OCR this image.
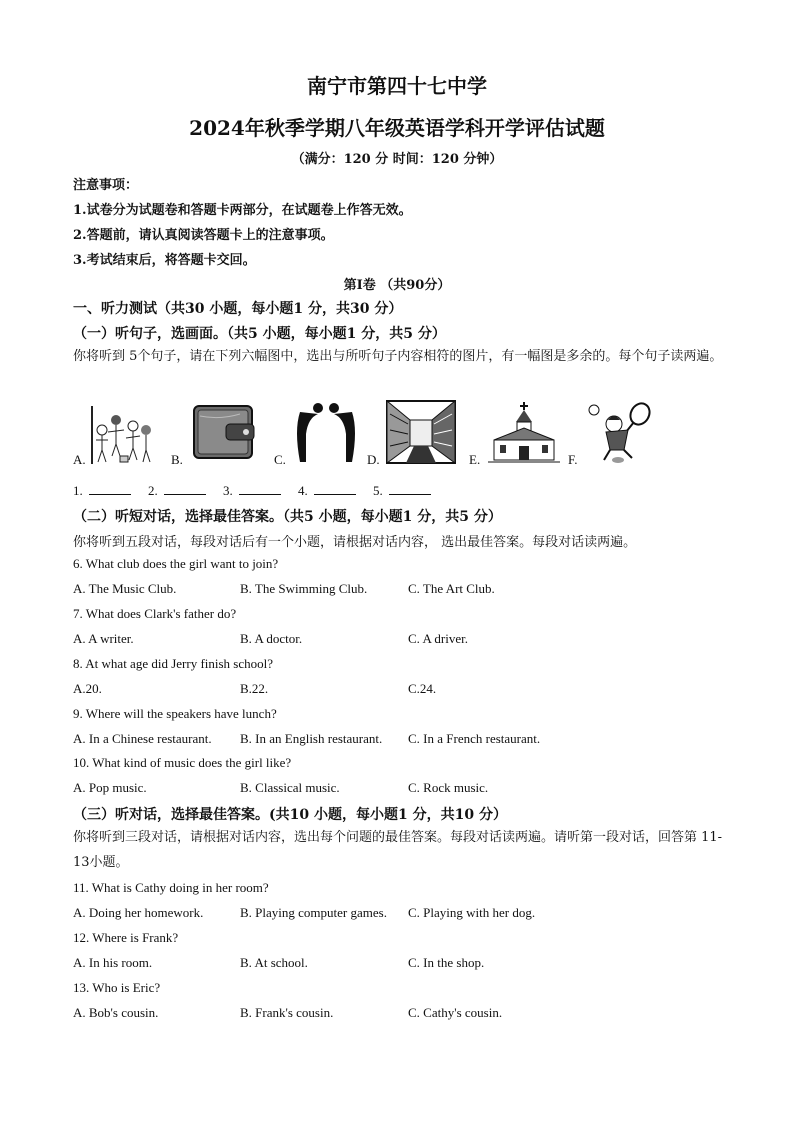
南宁市第四十七中学
2024年秋季学期八年级英语学科开学评估试题
（满分：120 分 时间：120 分钟）
注意事项：
1.试卷分为试题卷和答题卡两部分，在试题卷上作答无效。
2.答题前，请认真阅读答题卡上的注意事项。
3.考试结束后，将答题卡交回。
第Ⅰ卷 （共90分）
一、听力测试（共30 小题，每小题1 分，共30 分）
（一）听句子，选画面。（共5 小题，每小题1 分，共5 分）
你将听到 5个句子，请在下列六幅图中，选出与所听句子内容相符的图片，有一幅图是多余的。每个句子读两遍。
A.	B.	C.	D.	E.	F.
1.	2.	3.	4.	5.
（二）听短对话，选择最佳答案。（共5 小题，每小题1 分，共5 分）
你将听到五段对话，每段对话后有一个小题，请根据对话内容， 选出最佳答案。每段对话读两遍。
6. What club does the girl want to join?
A. The Music Club.	B. The Swimming Club.	C. The Art Club.
7. What does Clark's father do?
A. A writer.	B. A doctor.	C. A driver.
8. At what age did Jerry finish school?
A.20.	B.22.	C.24.
9. Where will the speakers have lunch?
A. In a Chinese restaurant. B. In an English restaurant. C. In a French restaurant.
10. What kind of music does the girl like?
A. Pop music.	B. Classical music.	C. Rock music.
（三）听对话，选择最佳答案。(共10 小题，每小题1 分，共10 分）
你将听到三段对话，请根据对话内容，选出每个问题的最佳答案。每段对话读两遍。请听第一段对话，回答第 11-13小题。
11. What is Cathy doing in her room?
A. Doing her homework.	B. Playing computer games. C. Playing with her dog.
12. Where is Frank?
A. In his room.	B. At school.	C. In the shop.
13. Who is Eric?
A. Bob's cousin.	B. Frank's cousin.	C. Cathy's cousin.
